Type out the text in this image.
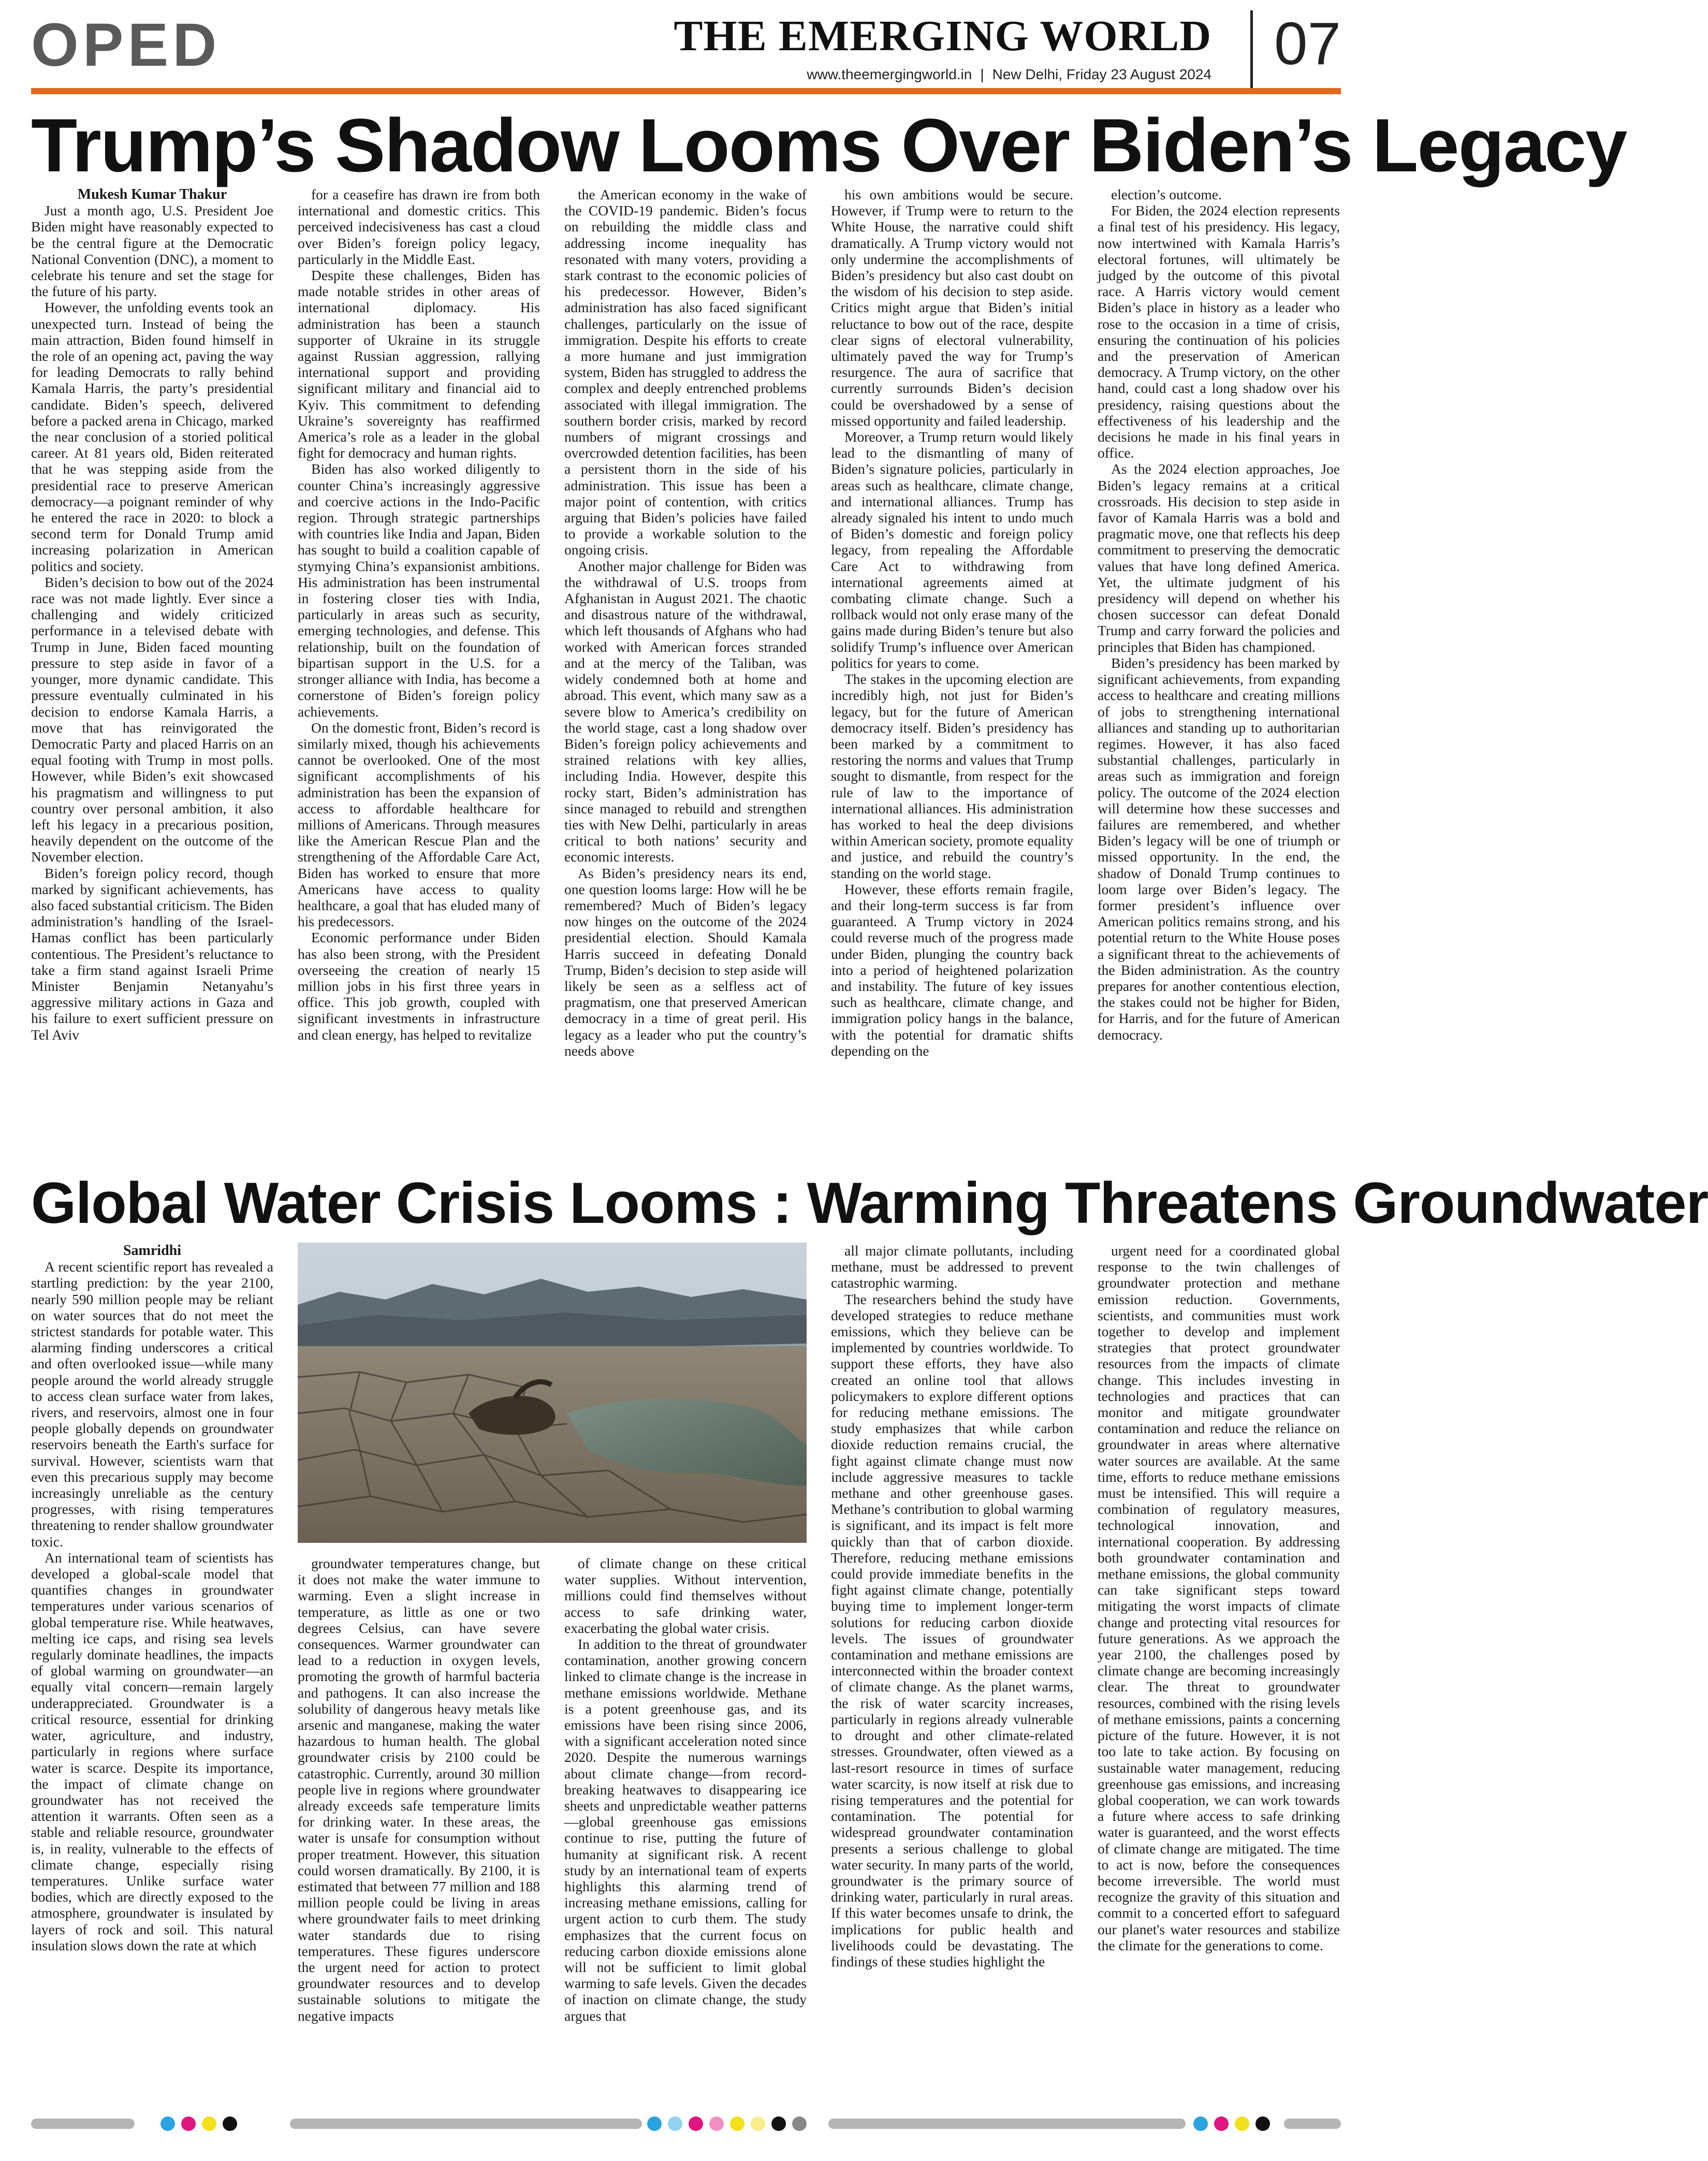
OPED	THE EMERGING WORLD
www.theemergingworld.in | New Delhi, Friday 23 August 2024 07
Trump’s Shadow Looms Over Biden’s Legacy

Mukesh Kumar Thakur

Just a month ago, U.S. President Joe Biden might have reasonably expected to be the central figure at the Democratic National Convention (DNC), a moment to celebrate his tenure and set the stage for the future of his party.

However, the unfolding events took an unexpected turn. Instead of being the main attraction, Biden found himself in the role of an opening act, paving the way for leading Democrats to rally behind Kamala Harris, the party’s presidential candidate. Biden’s speech, delivered before a packed arena in Chicago, marked the near conclusion of a storied political career. At 81 years old, Biden reiterated that he was stepping aside from the presidential race to preserve American democracy—a poignant reminder of why he entered the race in 2020: to block a second term for Donald Trump amid increasing polarization in American politics and society.

Biden’s decision to bow out of the 2024 race was not made lightly. Ever since a challenging and widely criticized performance in a televised debate with Trump in June, Biden faced mounting pressure to step aside in favor of a younger, more dynamic candidate. This pressure eventually culminated in his decision to endorse Kamala Harris, a move that has reinvigorated the Democratic Party and placed Harris on an equal footing with Trump in most polls. However, while Biden’s exit showcased his pragmatism and willingness to put country over personal ambition, it also left his legacy in a precarious position, heavily dependent on the outcome of the November election.

Biden’s foreign policy record, though marked by significant achievements, has also faced substantial criticism. The Biden administration’s handling of the Israel-Hamas conflict has been particularly contentious. The President’s reluctance to take a firm stand against Israeli Prime Minister Benjamin Netanyahu’s aggressive military actions in Gaza and his failure to exert sufficient pressure on Tel Aviv

for a ceasefire has drawn ire from both international and domestic critics. This perceived indecisiveness has cast a cloud over Biden’s foreign policy legacy, particularly in the Middle East.

Despite these challenges, Biden has made notable strides in other areas of international diplomacy. His administration has been a staunch supporter of Ukraine in its struggle against Russian aggression, rallying international support and providing significant military and financial aid to Kyiv. This commitment to defending Ukraine’s sovereignty has reaffirmed America’s role as a leader in the global fight for democracy and human rights.

Biden has also worked diligently to counter China’s increasingly aggressive and coercive actions in the Indo-Pacific region. Through strategic partnerships with countries like India and Japan, Biden has sought to build a coalition capable of stymying China’s expansionist ambitions. His administration has been instrumental in fostering closer ties with India, particularly in areas such as security, emerging technologies, and defense. This relationship, built on the foundation of bipartisan support in the U.S. for a stronger alliance with India, has become a cornerstone of Biden’s foreign policy achievements.

On the domestic front, Biden’s record is similarly mixed, though his achievements cannot be overlooked. One of the most significant accomplishments of his administration has been the expansion of access to affordable healthcare for millions of Americans. Through measures like the American Rescue Plan and the strengthening of the Affordable Care Act, Biden has worked to ensure that more Americans have access to quality healthcare, a goal that has eluded many of his predecessors.

Economic performance under Biden has also been strong, with the President overseeing the creation of nearly 15 million jobs in his first three years in office. This job growth, coupled with significant investments in infrastructure and clean energy, has helped to revitalize

the American economy in the wake of the COVID-19 pandemic. Biden’s focus on rebuilding the middle class and addressing income inequality has resonated with many voters, providing a stark contrast to the economic policies of his predecessor. However, Biden’s administration has also faced significant challenges, particularly on the issue of immigration. Despite his efforts to create a more humane and just immigration system, Biden has struggled to address the complex and deeply entrenched problems associated with illegal immigration. The southern border crisis, marked by record numbers of migrant crossings and overcrowded detention facilities, has been a persistent thorn in the side of his administration. This issue has been a major point of contention, with critics arguing that Biden’s policies have failed to provide a workable solution to the ongoing crisis.

Another major challenge for Biden was the withdrawal of U.S. troops from Afghanistan in August 2021. The chaotic and disastrous nature of the withdrawal, which left thousands of Afghans who had worked with American forces stranded and at the mercy of the Taliban, was widely condemned both at home and abroad. This event, which many saw as a severe blow to America’s credibility on the world stage, cast a long shadow over Biden’s foreign policy achievements and strained relations with key allies, including India. However, despite this rocky start, Biden’s administration has since managed to rebuild and strengthen ties with New Delhi, particularly in areas critical to both nations’ security and economic interests.

As Biden’s presidency nears its end, one question looms large: How will he be remembered? Much of Biden’s legacy now hinges on the outcome of the 2024 presidential election. Should Kamala Harris succeed in defeating Donald Trump, Biden’s decision to step aside will likely be seen as a selfless act of pragmatism, one that preserved American democracy in a time of great peril. His legacy as a leader who put the country’s needs above

his own ambitions would be secure. However, if Trump were to return to the White House, the narrative could shift dramatically. A Trump victory would not only undermine the accomplishments of Biden’s presidency but also cast doubt on the wisdom of his decision to step aside. Critics might argue that Biden’s initial reluctance to bow out of the race, despite clear signs of electoral vulnerability, ultimately paved the way for Trump’s resurgence. The aura of sacrifice that currently surrounds Biden’s decision could be overshadowed by a sense of missed opportunity and failed leadership.

Moreover, a Trump return would likely lead to the dismantling of many of Biden’s signature policies, particularly in areas such as healthcare, climate change, and international alliances. Trump has already signaled his intent to undo much of Biden’s domestic and foreign policy legacy, from repealing the Affordable Care Act to withdrawing from international agreements aimed at combating climate change. Such a rollback would not only erase many of the gains made during Biden’s tenure but also solidify Trump’s influence over American politics for years to come.

The stakes in the upcoming election are incredibly high, not just for Biden’s legacy, but for the future of American democracy itself. Biden’s presidency has been marked by a commitment to restoring the norms and values that Trump sought to dismantle, from respect for the rule of law to the importance of international alliances. His administration has worked to heal the deep divisions within American society, promote equality and justice, and rebuild the country’s standing on the world stage.

However, these efforts remain fragile, and their long-term success is far from guaranteed. A Trump victory in 2024 could reverse much of the progress made under Biden, plunging the country back into a period of heightened polarization and instability. The future of key issues such as healthcare, climate change, and immigration policy hangs in the balance, with the potential for dramatic shifts depending on the

election’s outcome.

For Biden, the 2024 election represents a final test of his presidency. His legacy, now intertwined with Kamala Harris’s electoral fortunes, will ultimately be judged by the outcome of this pivotal race. A Harris victory would cement Biden’s place in history as a leader who rose to the occasion in a time of crisis, ensuring the continuation of his policies and the preservation of American democracy. A Trump victory, on the other hand, could cast a long shadow over his presidency, raising questions about the effectiveness of his leadership and the decisions he made in his final years in office.

As the 2024 election approaches, Joe Biden’s legacy remains at a critical crossroads. His decision to step aside in favor of Kamala Harris was a bold and pragmatic move, one that reflects his deep commitment to preserving the democratic values that have long defined America. Yet, the ultimate judgment of his presidency will depend on whether his chosen successor can defeat Donald Trump and carry forward the policies and principles that Biden has championed.

Biden’s presidency has been marked by significant achievements, from expanding access to healthcare and creating millions of jobs to strengthening international alliances and standing up to authoritarian regimes. However, it has also faced substantial challenges, particularly in areas such as immigration and foreign policy. The outcome of the 2024 election will determine how these successes and failures are remembered, and whether Biden’s legacy will be one of triumph or missed opportunity. In the end, the shadow of Donald Trump continues to loom large over Biden’s legacy. The former president’s influence over American politics remains strong, and his potential return to the White House poses a significant threat to the achievements of the Biden administration. As the country prepares for another contentious election, the stakes could not be higher for Biden, for Harris, and for the future of American democracy.

Global Water Crisis Looms : Warming Threatens Groundwater

Samridhi

A recent scientific report has revealed a startling prediction: by the year 2100, nearly 590 million people may be reliant on water sources that do not meet the strictest standards for potable water. This alarming finding underscores a critical and often overlooked issue—while many people around the world already struggle to access clean surface water from lakes, rivers, and reservoirs, almost one in four people globally depends on groundwater reservoirs beneath the Earth's surface for survival. However, scientists warn that even this precarious supply may become increasingly unreliable as the century progresses, with rising temperatures threatening to render shallow groundwater toxic.

An international team of scientists has developed a global-scale model that quantifies changes in groundwater temperatures under various scenarios of global temperature rise. While heatwaves, melting ice caps, and rising sea levels regularly dominate headlines, the impacts of global warming on groundwater—an equally vital concern—remain largely underappreciated. Groundwater is a critical resource, essential for drinking water, agriculture, and industry, particularly in regions where surface water is scarce. Despite its importance, the impact of climate change on groundwater has not received the attention it warrants. Often seen as a stable and reliable resource, groundwater is, in reality, vulnerable to the effects of climate change, especially rising temperatures. Unlike surface water bodies, which are directly exposed to the atmosphere, groundwater is insulated by layers of rock and soil. This natural insulation slows down the rate at which

groundwater temperatures change, but it does not make the water immune to warming. Even a slight increase in temperature, as little as one or two degrees Celsius, can have severe consequences. Warmer groundwater can lead to a reduction in oxygen levels, promoting the growth of harmful bacteria and pathogens. It can also increase the solubility of dangerous heavy metals like arsenic and manganese, making the water hazardous to human health. The global groundwater crisis by 2100 could be catastrophic. Currently, around 30 million people live in regions where groundwater already exceeds safe temperature limits for drinking water. In these areas, the water is unsafe for consumption without proper treatment. However, this situation could worsen dramatically. By 2100, it is estimated that between 77 million and 188 million people could be living in areas where groundwater fails to meet drinking water standards due to rising temperatures. These figures underscore the urgent need for action to protect groundwater resources and to develop sustainable solutions to mitigate the negative impacts

of climate change on these critical water supplies. Without intervention, millions could find themselves without access to safe drinking water, exacerbating the global water crisis.

In addition to the threat of groundwater contamination, another growing concern linked to climate change is the increase in methane emissions worldwide. Methane is a potent greenhouse gas, and its emissions have been rising since 2006, with a significant acceleration noted since 2020. Despite the numerous warnings about climate change—from record-breaking heatwaves to disappearing ice sheets and unpredictable weather patterns—global greenhouse gas emissions continue to rise, putting the future of humanity at significant risk. A recent study by an international team of experts highlights this alarming trend of increasing methane emissions, calling for urgent action to curb them. The study emphasizes that the current focus on reducing carbon dioxide emissions alone will not be sufficient to limit global warming to safe levels. Given the decades of inaction on climate change, the study argues that

all major climate pollutants, including methane, must be addressed to prevent catastrophic warming.

The researchers behind the study have developed strategies to reduce methane emissions, which they believe can be implemented by countries worldwide. To support these efforts, they have also created an online tool that allows policymakers to explore different options for reducing methane emissions. The study emphasizes that while carbon dioxide reduction remains crucial, the fight against climate change must now include aggressive measures to tackle methane and other greenhouse gases. Methane’s contribution to global warming is significant, and its impact is felt more quickly than that of carbon dioxide. Therefore, reducing methane emissions could provide immediate benefits in the fight against climate change, potentially buying time to implement longer-term solutions for reducing carbon dioxide levels. The issues of groundwater contamination and methane emissions are interconnected within the broader context of climate change. As the planet warms, the risk of water scarcity increases, particularly in regions already vulnerable to drought and other climate-related stresses. Groundwater, often viewed as a last-resort resource in times of surface water scarcity, is now itself at risk due to rising temperatures and the potential for contamination. The potential for widespread groundwater contamination presents a serious challenge to global water security. In many parts of the world, groundwater is the primary source of drinking water, particularly in rural areas. If this water becomes unsafe to drink, the implications for public health and livelihoods could be devastating. The findings of these studies highlight the

urgent need for a coordinated global response to the twin challenges of groundwater protection and methane emission reduction. Governments, scientists, and communities must work together to develop and implement strategies that protect groundwater resources from the impacts of climate change. This includes investing in technologies and practices that can monitor and mitigate groundwater contamination and reduce the reliance on groundwater in areas where alternative water sources are available. At the same time, efforts to reduce methane emissions must be intensified. This will require a combination of regulatory measures, technological innovation, and international cooperation. By addressing both groundwater contamination and methane emissions, the global community can take significant steps toward mitigating the worst impacts of climate change and protecting vital resources for future generations. As we approach the year 2100, the challenges posed by climate change are becoming increasingly clear. The threat to groundwater resources, combined with the rising levels of methane emissions, paints a concerning picture of the future. However, it is not too late to take action. By focusing on sustainable water management, reducing greenhouse gas emissions, and increasing global cooperation, we can work towards a future where access to safe drinking water is guaranteed, and the worst effects of climate change are mitigated. The time to act is now, before the consequences become irreversible. The world must recognize the gravity of this situation and commit to a concerted effort to safeguard our planet's water resources and stabilize the climate for the generations to come.
